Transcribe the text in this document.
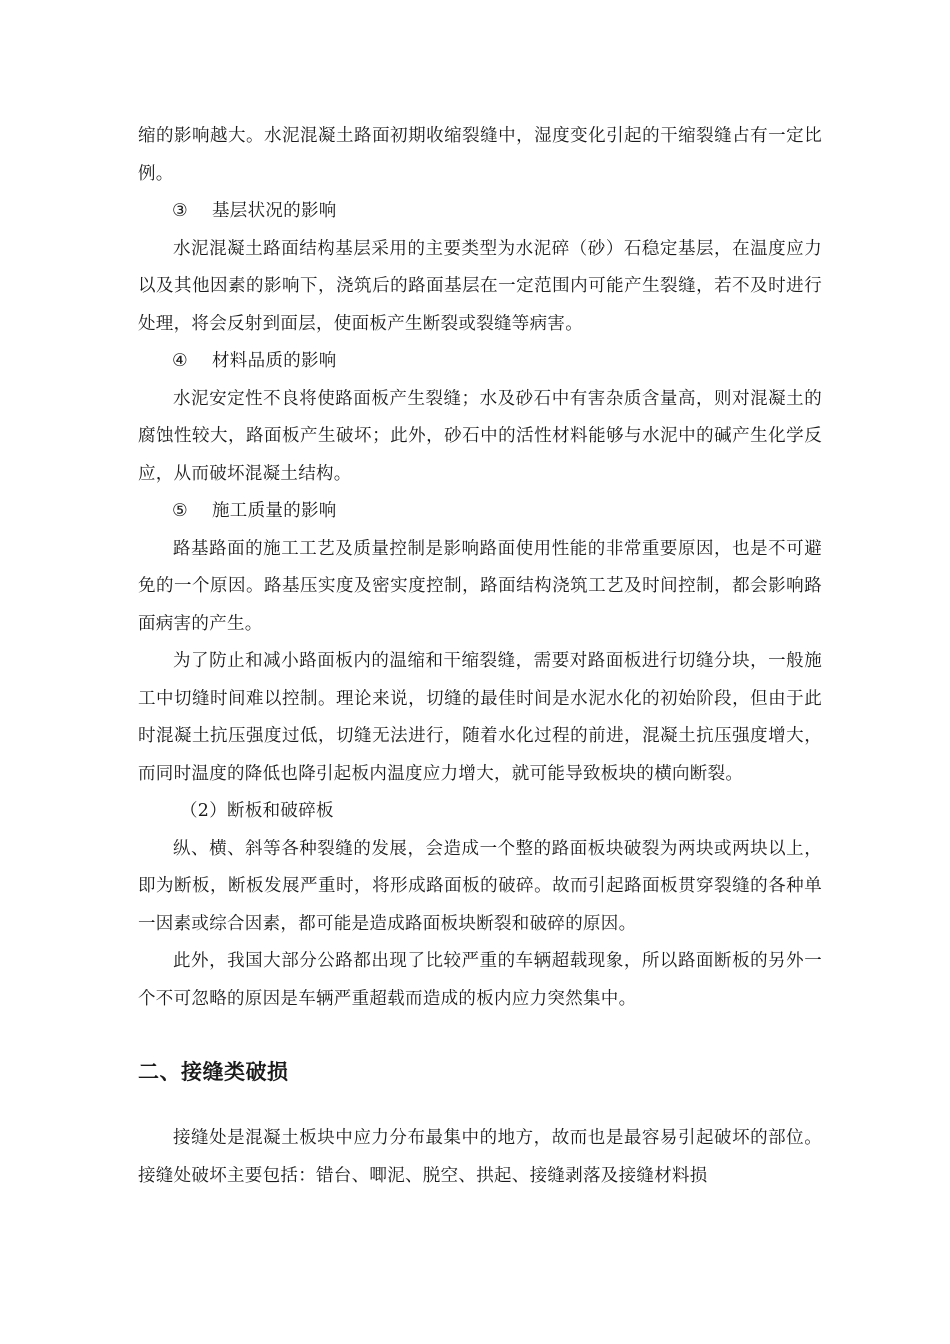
缩的影响越大。水泥混凝土路面初期收缩裂缝中，湿度变化引起的干缩裂缝占有一定比例。

③ 基层状况的影响

水泥混凝土路面结构基层采用的主要类型为水泥碎（砂）石稳定基层，在温度应力以及其他因素的影响下，浇筑后的路面基层在一定范围内可能产生裂缝，若不及时进行处理，将会反射到面层，使面板产生断裂或裂缝等病害。

④ 材料品质的影响

水泥安定性不良将使路面板产生裂缝；水及砂石中有害杂质含量高，则对混凝土的腐蚀性较大，路面板产生破坏；此外，砂石中的活性材料能够与水泥中的碱产生化学反应，从而破坏混凝土结构。

⑤ 施工质量的影响

路基路面的施工工艺及质量控制是影响路面使用性能的非常重要原因，也是不可避免的一个原因。路基压实度及密实度控制，路面结构浇筑工艺及时间控制，都会影响路面病害的产生。

为了防止和减小路面板内的温缩和干缩裂缝，需要对路面板进行切缝分块，一般施工中切缝时间难以控制。理论来说，切缝的最佳时间是水泥水化的初始阶段，但由于此时混凝土抗压强度过低，切缝无法进行，随着水化过程的前进，混凝土抗压强度增大，而同时温度的降低也降引起板内温度应力增大，就可能导致板块的横向断裂。

（2）断板和破碎板

纵、横、斜等各种裂缝的发展，会造成一个整的路面板块破裂为两块或两块以上，即为断板，断板发展严重时，将形成路面板的破碎。故而引起路面板贯穿裂缝的各种单一因素或综合因素，都可能是造成路面板块断裂和破碎的原因。

此外，我国大部分公路都出现了比较严重的车辆超载现象，所以路面断板的另外一个不可忽略的原因是车辆严重超载而造成的板内应力突然集中。

二、接缝类破损

接缝处是混凝土板块中应力分布最集中的地方，故而也是最容易引起破坏的部位。接缝处破坏主要包括：错台、唧泥、脱空、拱起、接缝剥落及接缝材料损
